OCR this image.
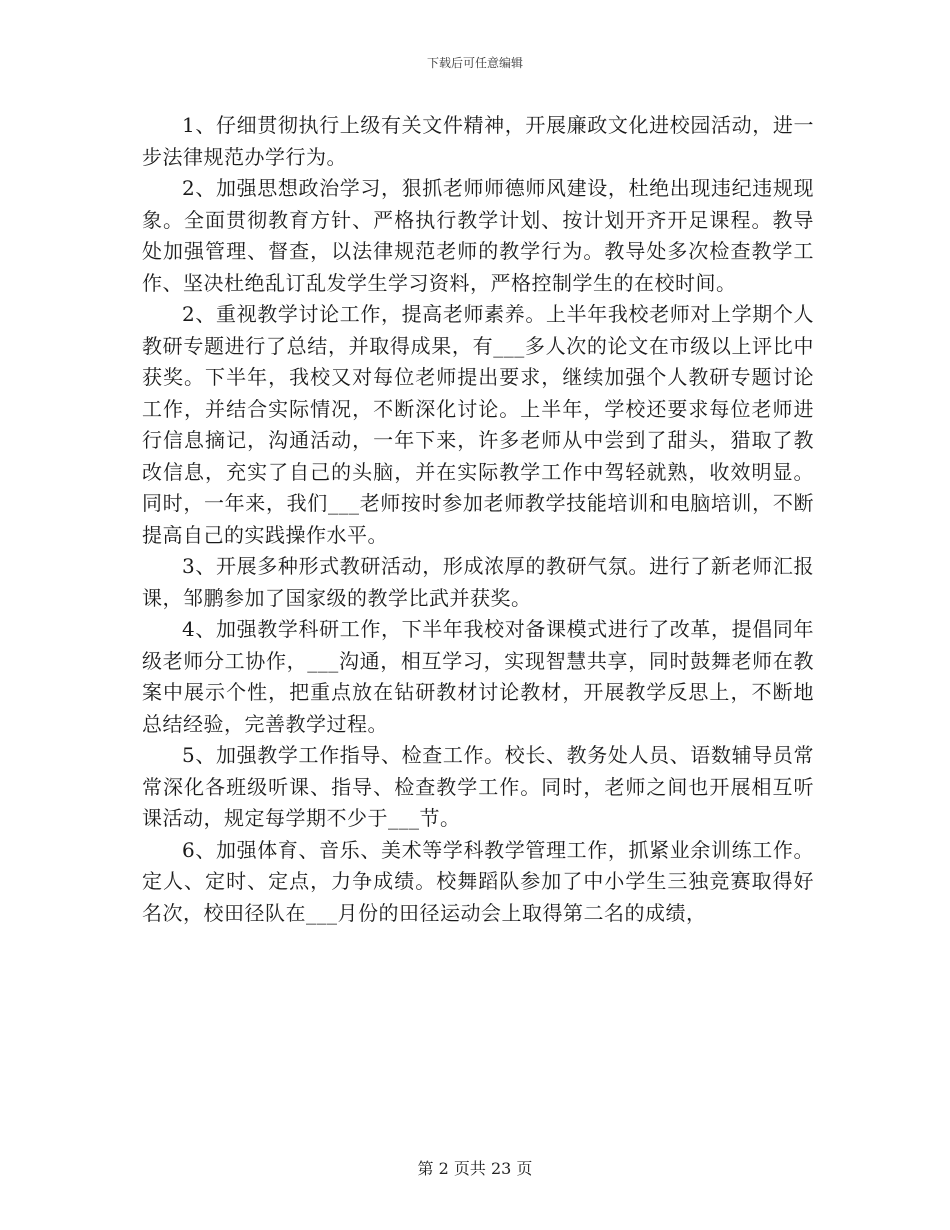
下载后可任意编辑

1、仔细贯彻执行上级有关文件精神，开展廉政文化进校园活动，进一步法律规范办学行为。

2、加强思想政治学习，狠抓老师师德师风建设，杜绝出现违纪违规现象。全面贯彻教育方针、严格执行教学计划、按计划开齐开足课程。教导处加强管理、督查，以法律规范老师的教学行为。教导处多次检查教学工作、坚决杜绝乱订乱发学生学习资料，严格控制学生的在校时间。

2、重视教学讨论工作，提高老师素养。上半年我校老师对上学期个人教研专题进行了总结，并取得成果，有___多人次的论文在市级以上评比中获奖。下半年，我校又对每位老师提出要求，继续加强个人教研专题讨论工作，并结合实际情况，不断深化讨论。上半年，学校还要求每位老师进行信息摘记，沟通活动，一年下来，许多老师从中尝到了甜头，猎取了教改信息，充实了自己的头脑，并在实际教学工作中驾轻就熟，收效明显。同时，一年来，我们___老师按时参加老师教学技能培训和电脑培训，不断提高自己的实践操作水平。

3、开展多种形式教研活动，形成浓厚的教研气氛。进行了新老师汇报课，邹鹏参加了国家级的教学比武并获奖。

4、加强教学科研工作，下半年我校对备课模式进行了改革，提倡同年级老师分工协作，___沟通，相互学习，实现智慧共享，同时鼓舞老师在教案中展示个性，把重点放在钻研教材讨论教材，开展教学反思上，不断地总结经验，完善教学过程。

5、加强教学工作指导、检查工作。校长、教务处人员、语数辅导员常常深化各班级听课、指导、检查教学工作。同时，老师之间也开展相互听课活动，规定每学期不少于___节。

6、加强体育、音乐、美术等学科教学管理工作，抓紧业余训练工作。定人、定时、定点，力争成绩。校舞蹈队参加了中小学生三独竞赛取得好名次，校田径队在___月份的田径运动会上取得第二名的成绩，

第 2 页共 23 页
